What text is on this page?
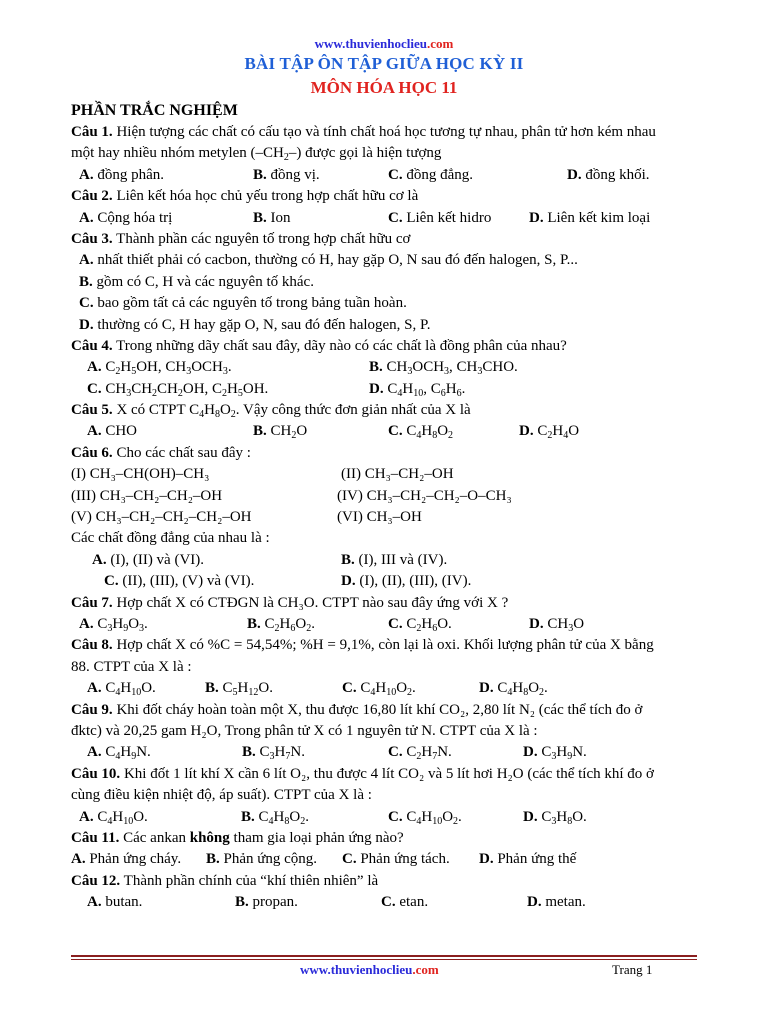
www.thuvienhoclieu.com
BÀI TẬP ÔN TẬP GIỮA HỌC KỲ II
MÔN HÓA HỌC 11
PHẦN TRẮC NGHIỆM
Câu 1. Hiện tượng các chất có cấu tạo và tính chất hoá học tương tự nhau, phân tử hơn kém nhau
một hay nhiều nhóm metylen $(-CH_2-)$ được gọi là hiện tượng
A. đồng phân.	B. đồng vị.	C. đồng đẳng.	D. đồng khối.
Câu 2. Liên kết hóa học chủ yếu trong hợp chất hữu cơ là
A. Cộng hóa trị	B. Ion	C. Liên kết hidro	D. Liên kết kim loại
Câu 3. Thành phần các nguyên tố trong hợp chất hữu cơ
A. nhất thiết phải có cacbon, thường có H, hay gặp O, N sau đó đến halogen, S, P...
B. gồm có C, H và các nguyên tố khác.
C. bao gồm tất cả các nguyên tố trong bảng tuần hoàn.
D. thường có C, H hay gặp O, N, sau đó đến halogen, S, P.
Câu 4. Trong những dãy chất sau đây, dãy nào có các chất là đồng phân của nhau?
A. $C_2H_5OH$, $CH_3OCH_3$.	B. $CH_3OCH_3$, $CH_3CHO$.
C. $CH_3CH_2CH_2OH$, $C_2H_5OH$.	D. $C_4H_{10}$, $C_6H_6$.
Câu 5. X có CTPT $C_4H_8O_2$. Vậy công thức đơn giản nhất của X là
A. CHO	B. $CH_2O$	C. $C_4H_8O_2$	D. $C_2H_4O$
Câu 6. Cho các chất sau đây :
(I) CH₃–CH(OH)–CH₃	(II) CH₃–CH₂–OH
(III) CH₃–CH₂–CH₂–OH	(IV) CH₃–CH₂–CH₂–O–CH₃
(V) CH₃–CH₂–CH₂–CH₂–OH	(VI) CH₃–OH
Các chất đồng đẳng của nhau là :
A. (I), (II) và (VI).	B. (I), III và (IV).
C. (II), (III), (V) và (VI).	D. (I), (II), (III), (IV).
Câu 7. Hợp chất X có CTĐGN là CH₃O. CTPT nào sau đây ứng với X ?
A. $C_3H_9O_3$.	B. $C_2H_6O_2$.	C. $C_2H_6O$.	D. $CH_3O$
Câu 8. Hợp chất X có %C = 54,54%; %H = 9,1%, còn lại là oxi. Khối lượng phân tử của X bằng
88. CTPT của X là :
A. $C_4H_{10}O$.	B. $C_5H_{12}O$.	C. $C_4H_{10}O_2$.	D. $C_4H_8O_2$.
Câu 9. Khi đốt cháy hoàn toàn một X, thu được 16,80 lít khí CO₂, 2,80 lít N₂ (các thể tích đo ở
đktc) và 20,25 gam H₂O, Trong phân tử X có 1 nguyên tử N. CTPT của X là :
A. $C_4H_9N$.	B. $C_3H_7N$.	C. $C_2H_7N$.	D. $C_3H_9N$.
Câu 10. Khi đốt 1 lít khí X cần 6 lít O₂, thu được 4 lít CO₂ và 5 lít hơi H₂O (các thể tích khí đo ở
cùng điều kiện nhiệt độ, áp suất). CTPT của X là :
A. $C_4H_{10}O$.	B. $C_4H_8O_2$.	C. $C_4H_{10}O_2$.	D. $C_3H_8O$.
Câu 11. Các ankan không tham gia loại phản ứng nào?
A. Phản ứng cháy. B. Phản ứng cộng. C. Phản ứng tách. D. Phản ứng thế
Câu 12. Thành phần chính của “khí thiên nhiên” là
A. butan.	B. propan.	C. etan.	D. metan.
www.thuvienhoclieu.com	Trang 1
